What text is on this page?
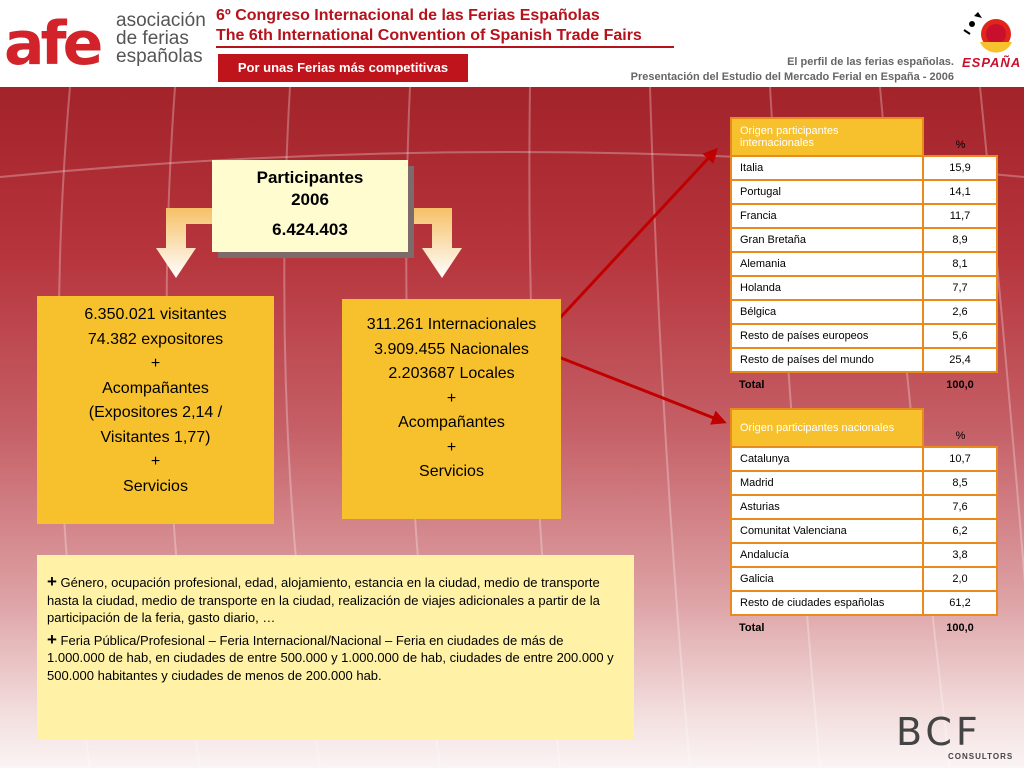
afe asociación
de ferias
españolas
6º Congreso Internacional de las Ferias Españolas
The 6th International Convention of Spanish Trade Fairs
Por unas Ferias más competitivas	El perfil de las ferias españolas.
Presentación del Estudio del Mercado Ferial en España - 2006
ESPAÑA
Participantes
2006
6.424.403
6.350.021 visitantes
74.382 expositores
+
Acompañantes
(Expositores 2,14 /
Visitantes 1,77)
+
Servicios
311.261 Internacionales
3.909.455 Nacionales
2.203687 Locales
+
Acompañantes
+
Servicios

+ Género, ocupación profesional, edad, alojamiento, estancia en la ciudad, medio de transporte hasta la ciudad, medio de transporte en la ciudad, realización de viajes adicionales a partir de la participación de la feria, gasto diario, …

+ Feria Pública/Profesional – Feria Internacional/Nacional – Feria en ciudades de más de 1.000.000 de hab, en ciudades de entre 500.000 y 1.000.000 de hab, ciudades de entre 200.000 y 500.000 habitantes y ciudades de menos de 200.000 hab.

Origen participantes internacionales	%
Italia	15,9
Portugal	14,1
Francia	11,7
Gran Bretaña	8,9
Alemania	8,1
Holanda	7,7
Bélgica	2,6
Resto de países europeos	5,6
Resto de países del mundo	25,4
Total	100,0
Origen participantes nacionales	%
Catalunya	10,7
Madrid	8,5
Asturias	7,6
Comunitat Valenciana	6,2
Andalucía	3,8
Galicia	2,0
Resto de ciudades españolas	61,2
Total	100,0
BCF
CONSULTORS
